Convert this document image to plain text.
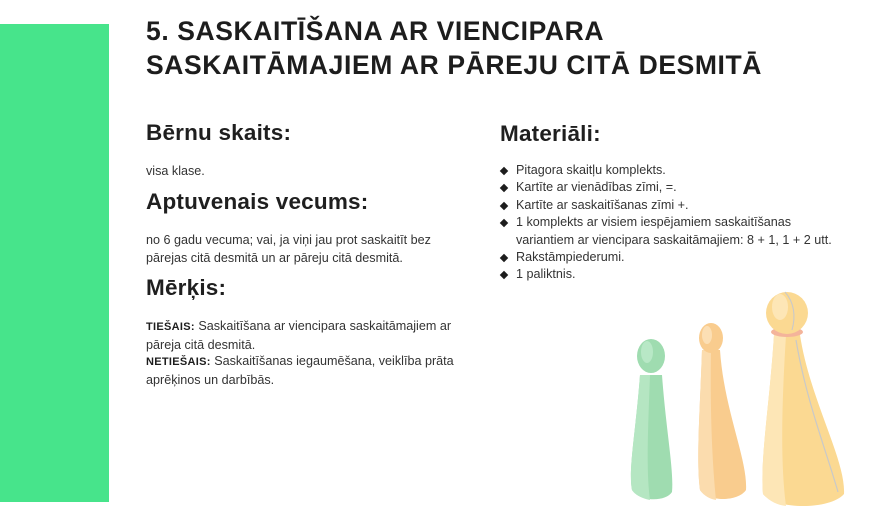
5. SASKAITĪŠANA AR VIENCIPARA
SASKAITĀMAJIEM AR PĀREJU CITĀ DESMITĀ
Bērnu skaits:

visa klase.

Aptuvenais vecums:

no 6 gadu vecuma; vai, ja viņi jau prot saskaitīt bez
pārejas citā desmitā un ar pāreju citā desmitā.

Mērķis:

TIEŠAIS: Saskaitīšana ar viencipara saskaitāmajiem ar
pāreja citā desmitā.

NETIEŠAIS: Saskaitīšanas iegaumēšana, veiklība prāta
aprēķinos un darbībās.

Materiāli:
Pitagora skaitļu komplekts.
Kartīte ar vienādības zīmi, =.
Kartīte ar saskaitīšanas zīmi +.
1 komplekts ar visiem iespējamiem saskaitīšanas variantiem ar viencipara saskaitāmajiem: 8 + 1, 1 + 2 utt.
Rakstāmpiederumi.
1 paliktnis.
